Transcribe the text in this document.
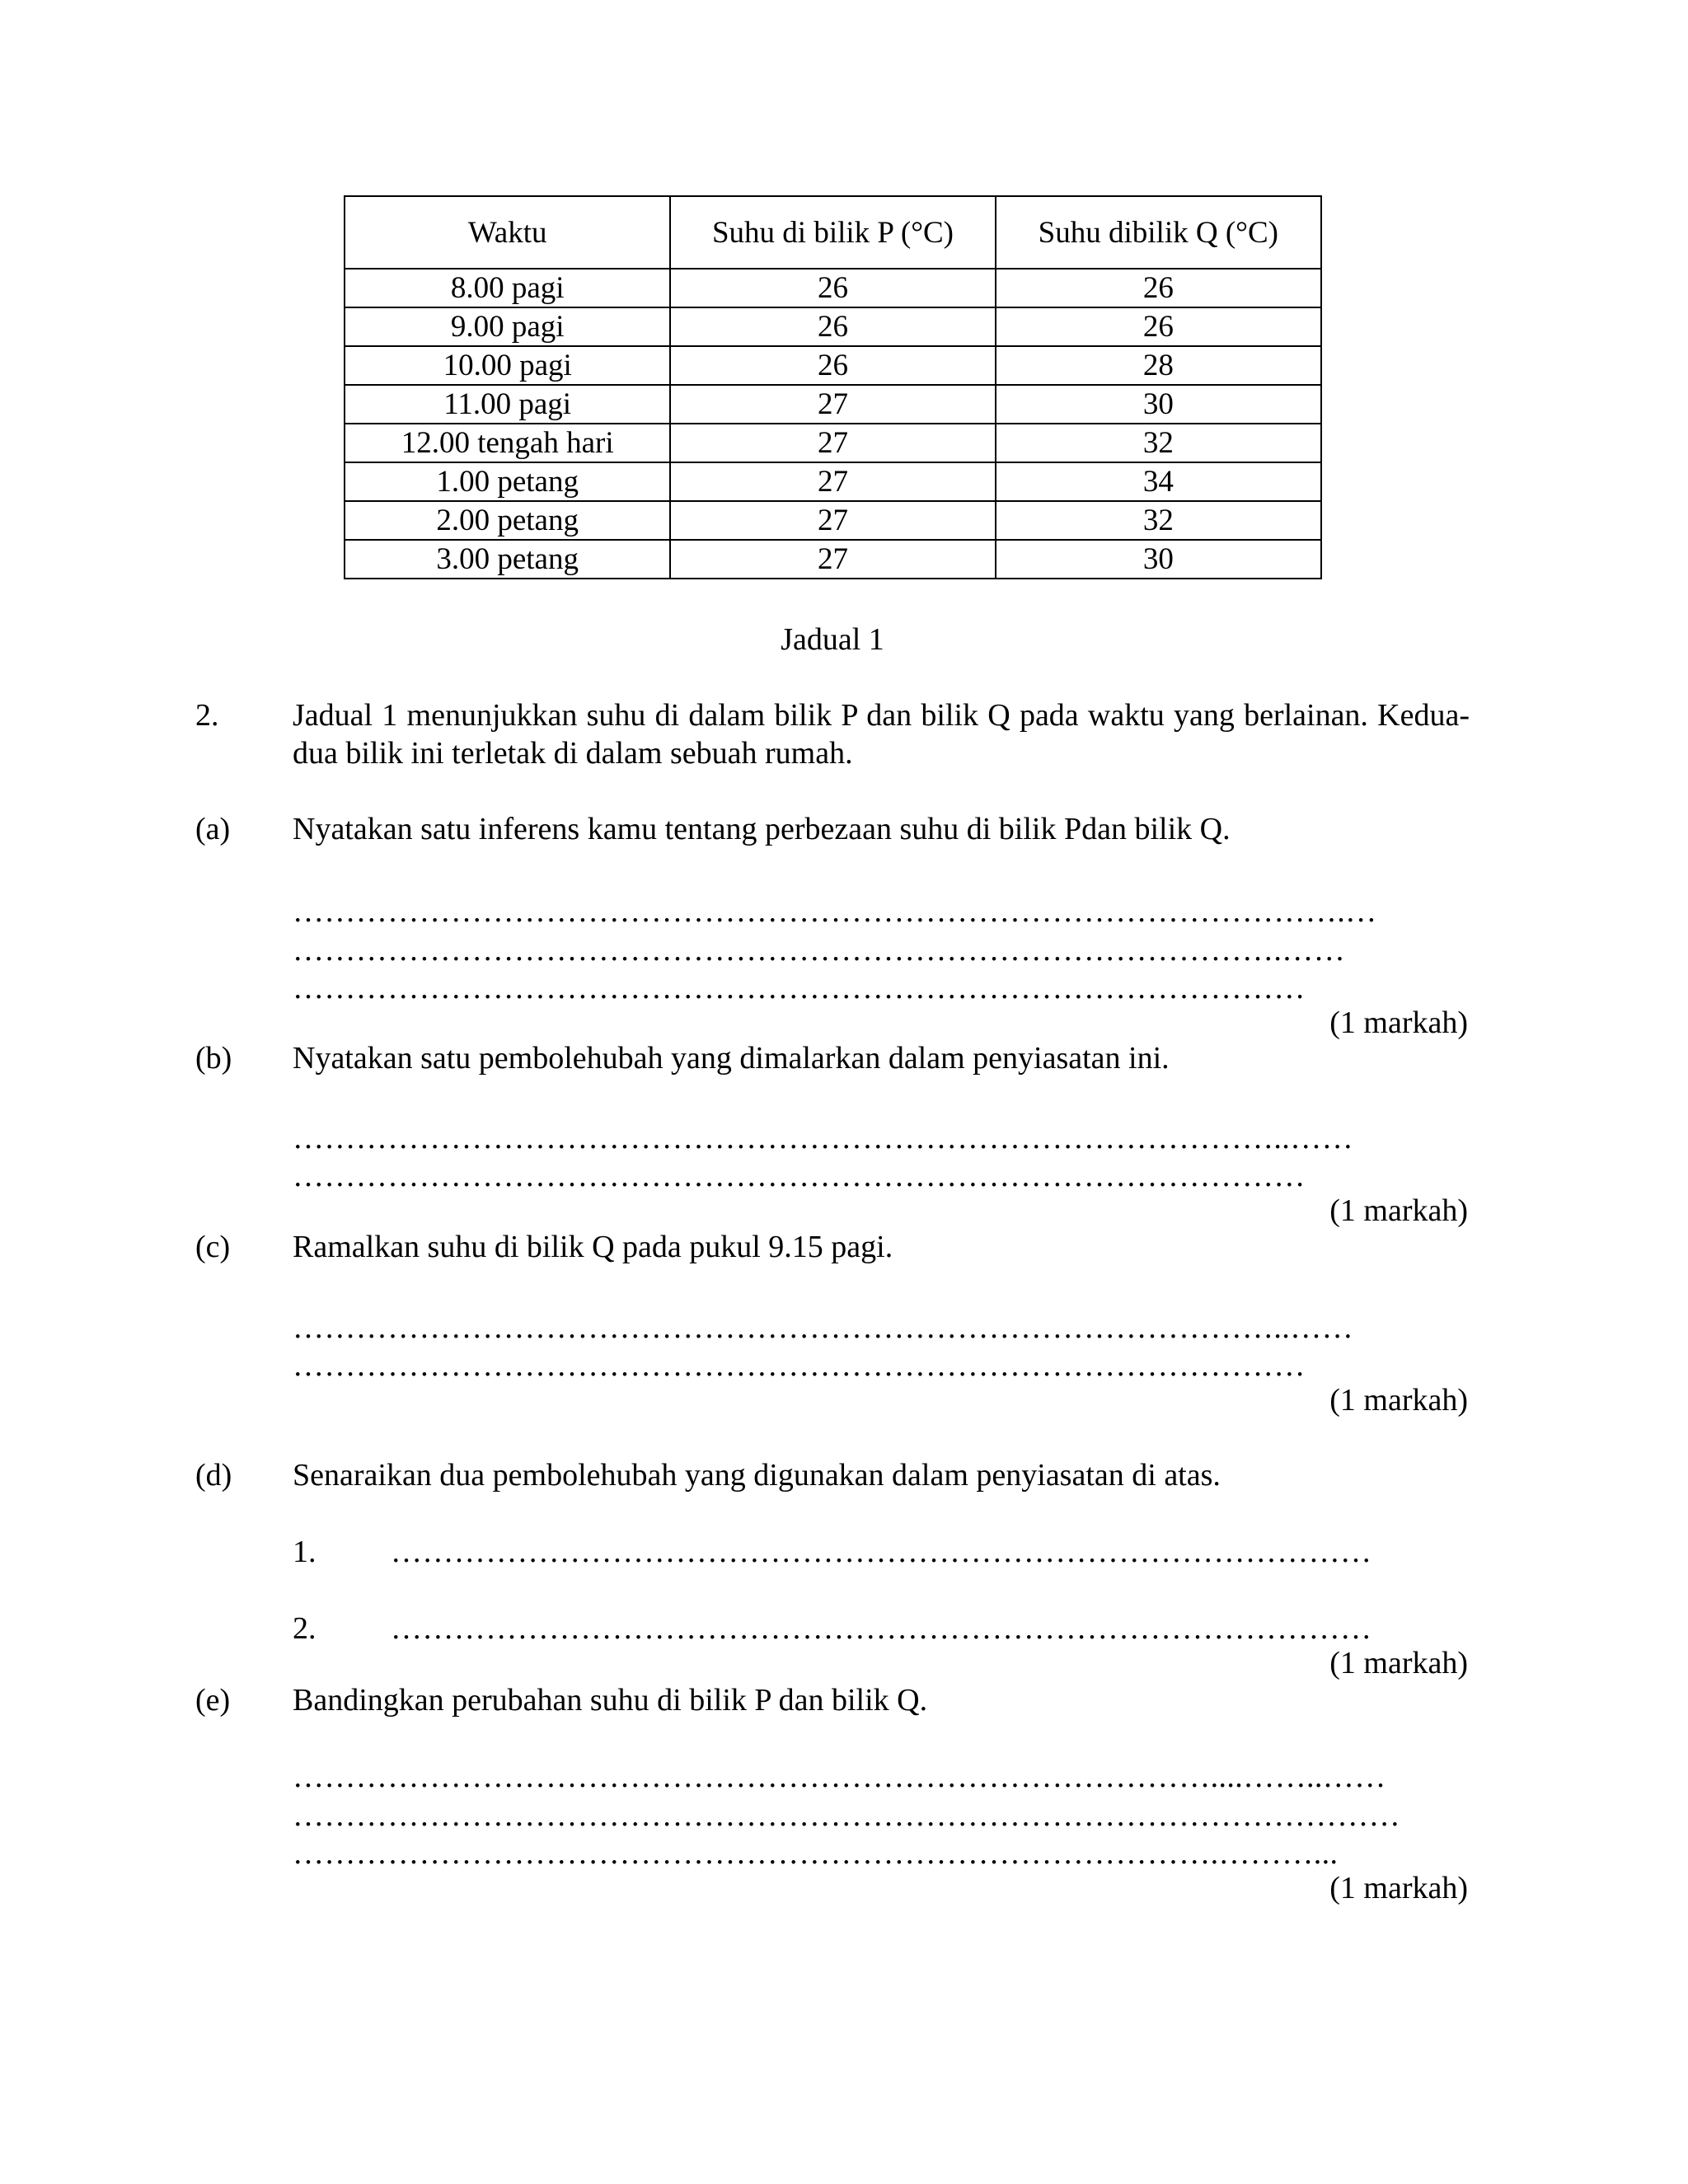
Waktu	Suhu di bilik P (°C)	Suhu dibilik Q (°C)
8.00 pagi	26	26
9.00 pagi	26	26
10.00 pagi	26	28
11.00 pagi	27	30
12.00 tengah hari	27	32
1.00 petang	27	34
2.00 petang	27	32
3.00 petang	27	30
Jadual 1
2. Jadual 1 menunjukkan suhu di dalam bilik P dan bilik Q pada waktu yang berlainan. Kedua-dua bilik ini terletak di dalam sebuah rumah.
(a) Nyatakan satu inferens kamu tentang perbezaan suhu di bilik Pdan bilik Q.
……………………………………………………………………………………….…
………………………………………………………………………………….……
……………………………………………………………………………………
(1 markah)
(b) Nyatakan satu pembolehubah yang dimalarkan dalam penyiasatan ini.
…………………………………………………………………………………..……
……………………………………………………………………………………
(1 markah)
(c) Ramalkan suhu di bilik Q pada pukul 9.15 pagi.
…………………………………………………………………………………..……
……………………………………………………………………………………
(1 markah)
(d) Senaraikan dua pembolehubah yang digunakan dalam penyiasatan di atas.
1. …………………………………………………………………………………
2. …………………………………………………………………………………
(1 markah)
(e) Bandingkan perubahan suhu di bilik P dan bilik Q.
……………………………………………………………………………....……..……
……………………………………………………………………………………………
…………………………………………………………………………….………...
(1 markah)
